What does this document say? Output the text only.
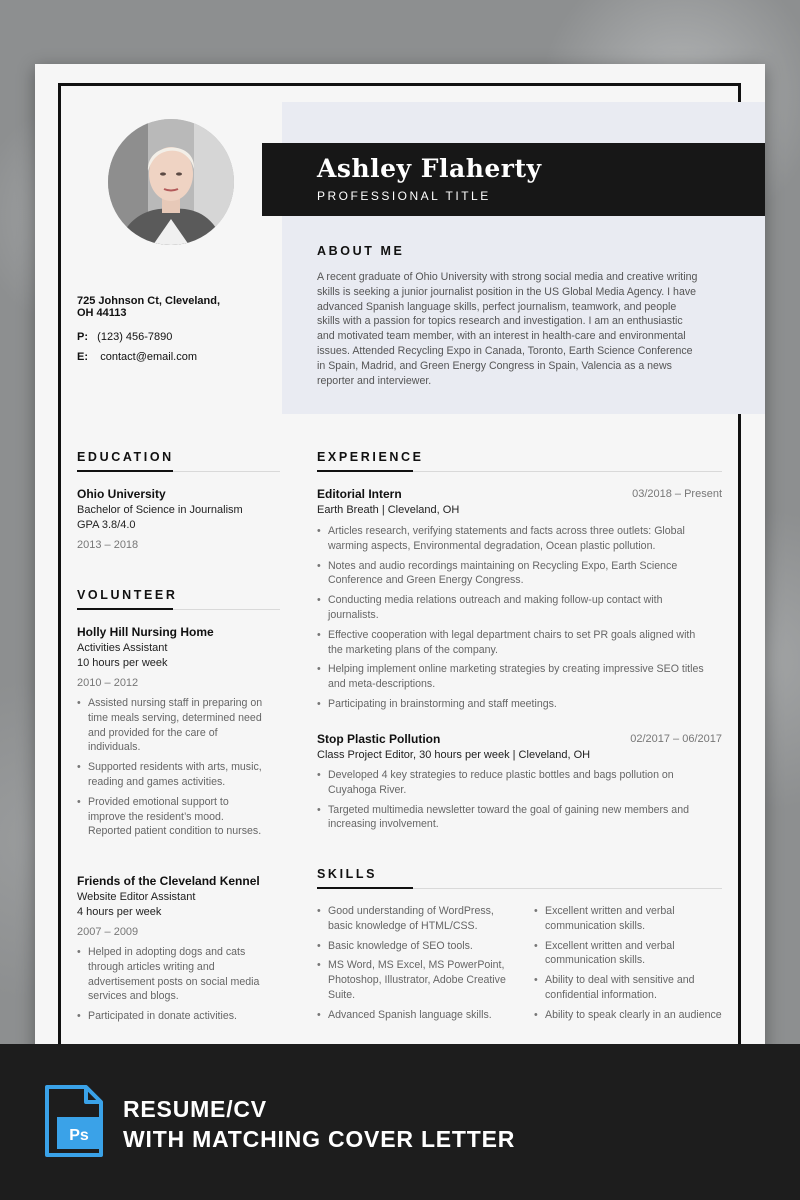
Ashley Flaherty
PROFESSIONAL TITLE
ABOUT ME
A recent graduate of Ohio University with strong social media and creative writing skills is seeking a junior journalist position in the US Global Media Agency. I have advanced Spanish language skills, perfect journalism, teamwork, and people skills with a passion for topics research and investigation. I am an enthusiastic and motivated team member, with an interest in health-care and environmental issues. Attended Recycling Expo in Canada, Toronto, Earth Science Conference in Spain, Madrid, and Green Energy Congress in Spain, Valencia as a news reporter and interviewer.
725 Johnson Ct, Cleveland,
OH 44113
P: (123) 456-7890
E: contact@email.com
EDUCATION
Ohio University
Bachelor of Science in Journalism
GPA 3.8/4.0
2013 – 2018
VOLUNTEER
Holly Hill Nursing Home
Activities Assistant
10 hours per week
2010 – 2012
• Assisted nursing staff in preparing on time meals serving, determined need and provided for the care of individuals.
• Supported residents with arts, music, reading and games activities.
• Provided emotional support to improve the resident’s mood. Reported patient condition to nurses.
Friends of the Cleveland Kennel
Website Editor Assistant
4 hours per week
2007 – 2009
• Helped in adopting dogs and cats through articles writing and advertisement posts on social media services and blogs.
• Participated in donate activities.
EXPERIENCE
Editorial Intern	03/2018 – Present
Earth Breath | Cleveland, OH
• Articles research, verifying statements and facts across three outlets: Global warming aspects, Environmental degradation, Ocean plastic pollution.
• Notes and audio recordings maintaining on Recycling Expo, Earth Science Conference and Green Energy Congress.
• Conducting media relations outreach and making follow-up contact with journalists.
• Effective cooperation with legal department chairs to set PR goals aligned with the marketing plans of the company.
• Helping implement online marketing strategies by creating impressive SEO titles and meta-descriptions.
• Participating in brainstorming and staff meetings.
Stop Plastic Pollution	02/2017 – 06/2017
Class Project Editor, 30 hours per week | Cleveland, OH
• Developed 4 key strategies to reduce plastic bottles and bags pollution on Cuyahoga River.
• Targeted multimedia newsletter toward the goal of gaining new members and increasing involvement.
SKILLS
• Good understanding of WordPress, basic knowledge of HTML/CSS.
• Basic knowledge of SEO tools.
• MS Word, MS Excel, MS PowerPoint, Photoshop, Illustrator, Adobe Creative Suite.
• Advanced Spanish language skills.
• Excellent written and verbal communication skills.
• Excellent written and verbal communication skills.
• Ability to deal with sensitive and confidential information.
• Ability to speak clearly in an audience
Ps
RESUME/CV
WITH MATCHING COVER LETTER
